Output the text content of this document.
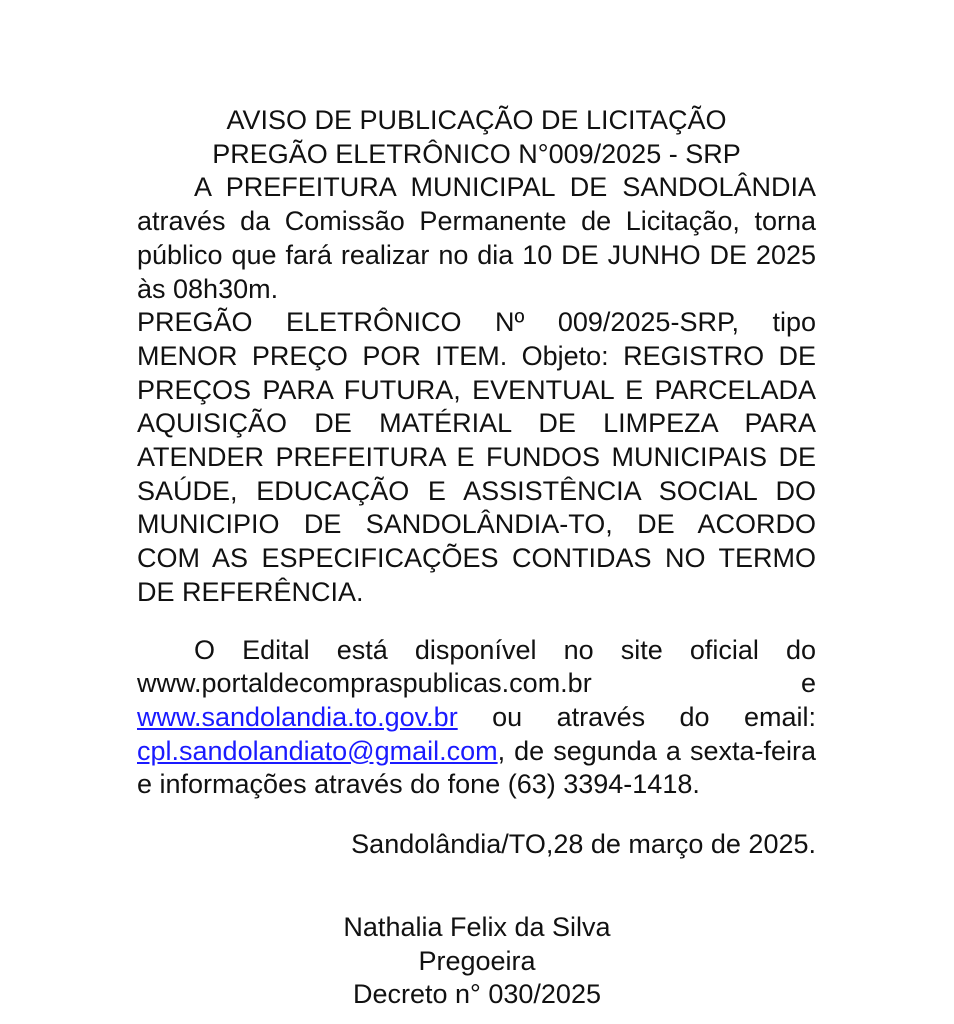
AVISO DE PUBLICAÇÃO DE LICITAÇÃO
PREGÃO ELETRÔNICO N°009/2025 - SRP
A PREFEITURA MUNICIPAL DE SANDOLÂNDIA através da Comissão Permanente de Licitação, torna público que fará realizar no dia 10 DE JUNHO DE 2025 às 08h30m.
PREGÃO ELETRÔNICO Nº 009/2025-SRP, tipo MENOR PREÇO POR ITEM. Objeto: REGISTRO DE PREÇOS PARA FUTURA, EVENTUAL E PARCELADA AQUISIÇÃO DE MATÉRIAL DE LIMPEZA PARA ATENDER PREFEITURA E FUNDOS MUNICIPAIS DE SAÚDE, EDUCAÇÃO E ASSISTÊNCIA SOCIAL DO MUNICIPIO DE SANDOLÂNDIA-TO, DE ACORDO COM AS ESPECIFICAÇÕES CONTIDAS NO TERMO DE REFERÊNCIA.
O Edital está disponível no site oficial do www.portaldecompraspublicas.com.br e www.sandolandia.to.gov.br ou através do email: cpl.sandolandiato@gmail.com, de segunda a sexta-feira e informações através do fone (63) 3394-1418.
Sandolândia/TO,28 de março de 2025.
Nathalia Felix da Silva
Pregoeira
Decreto n° 030/2025
